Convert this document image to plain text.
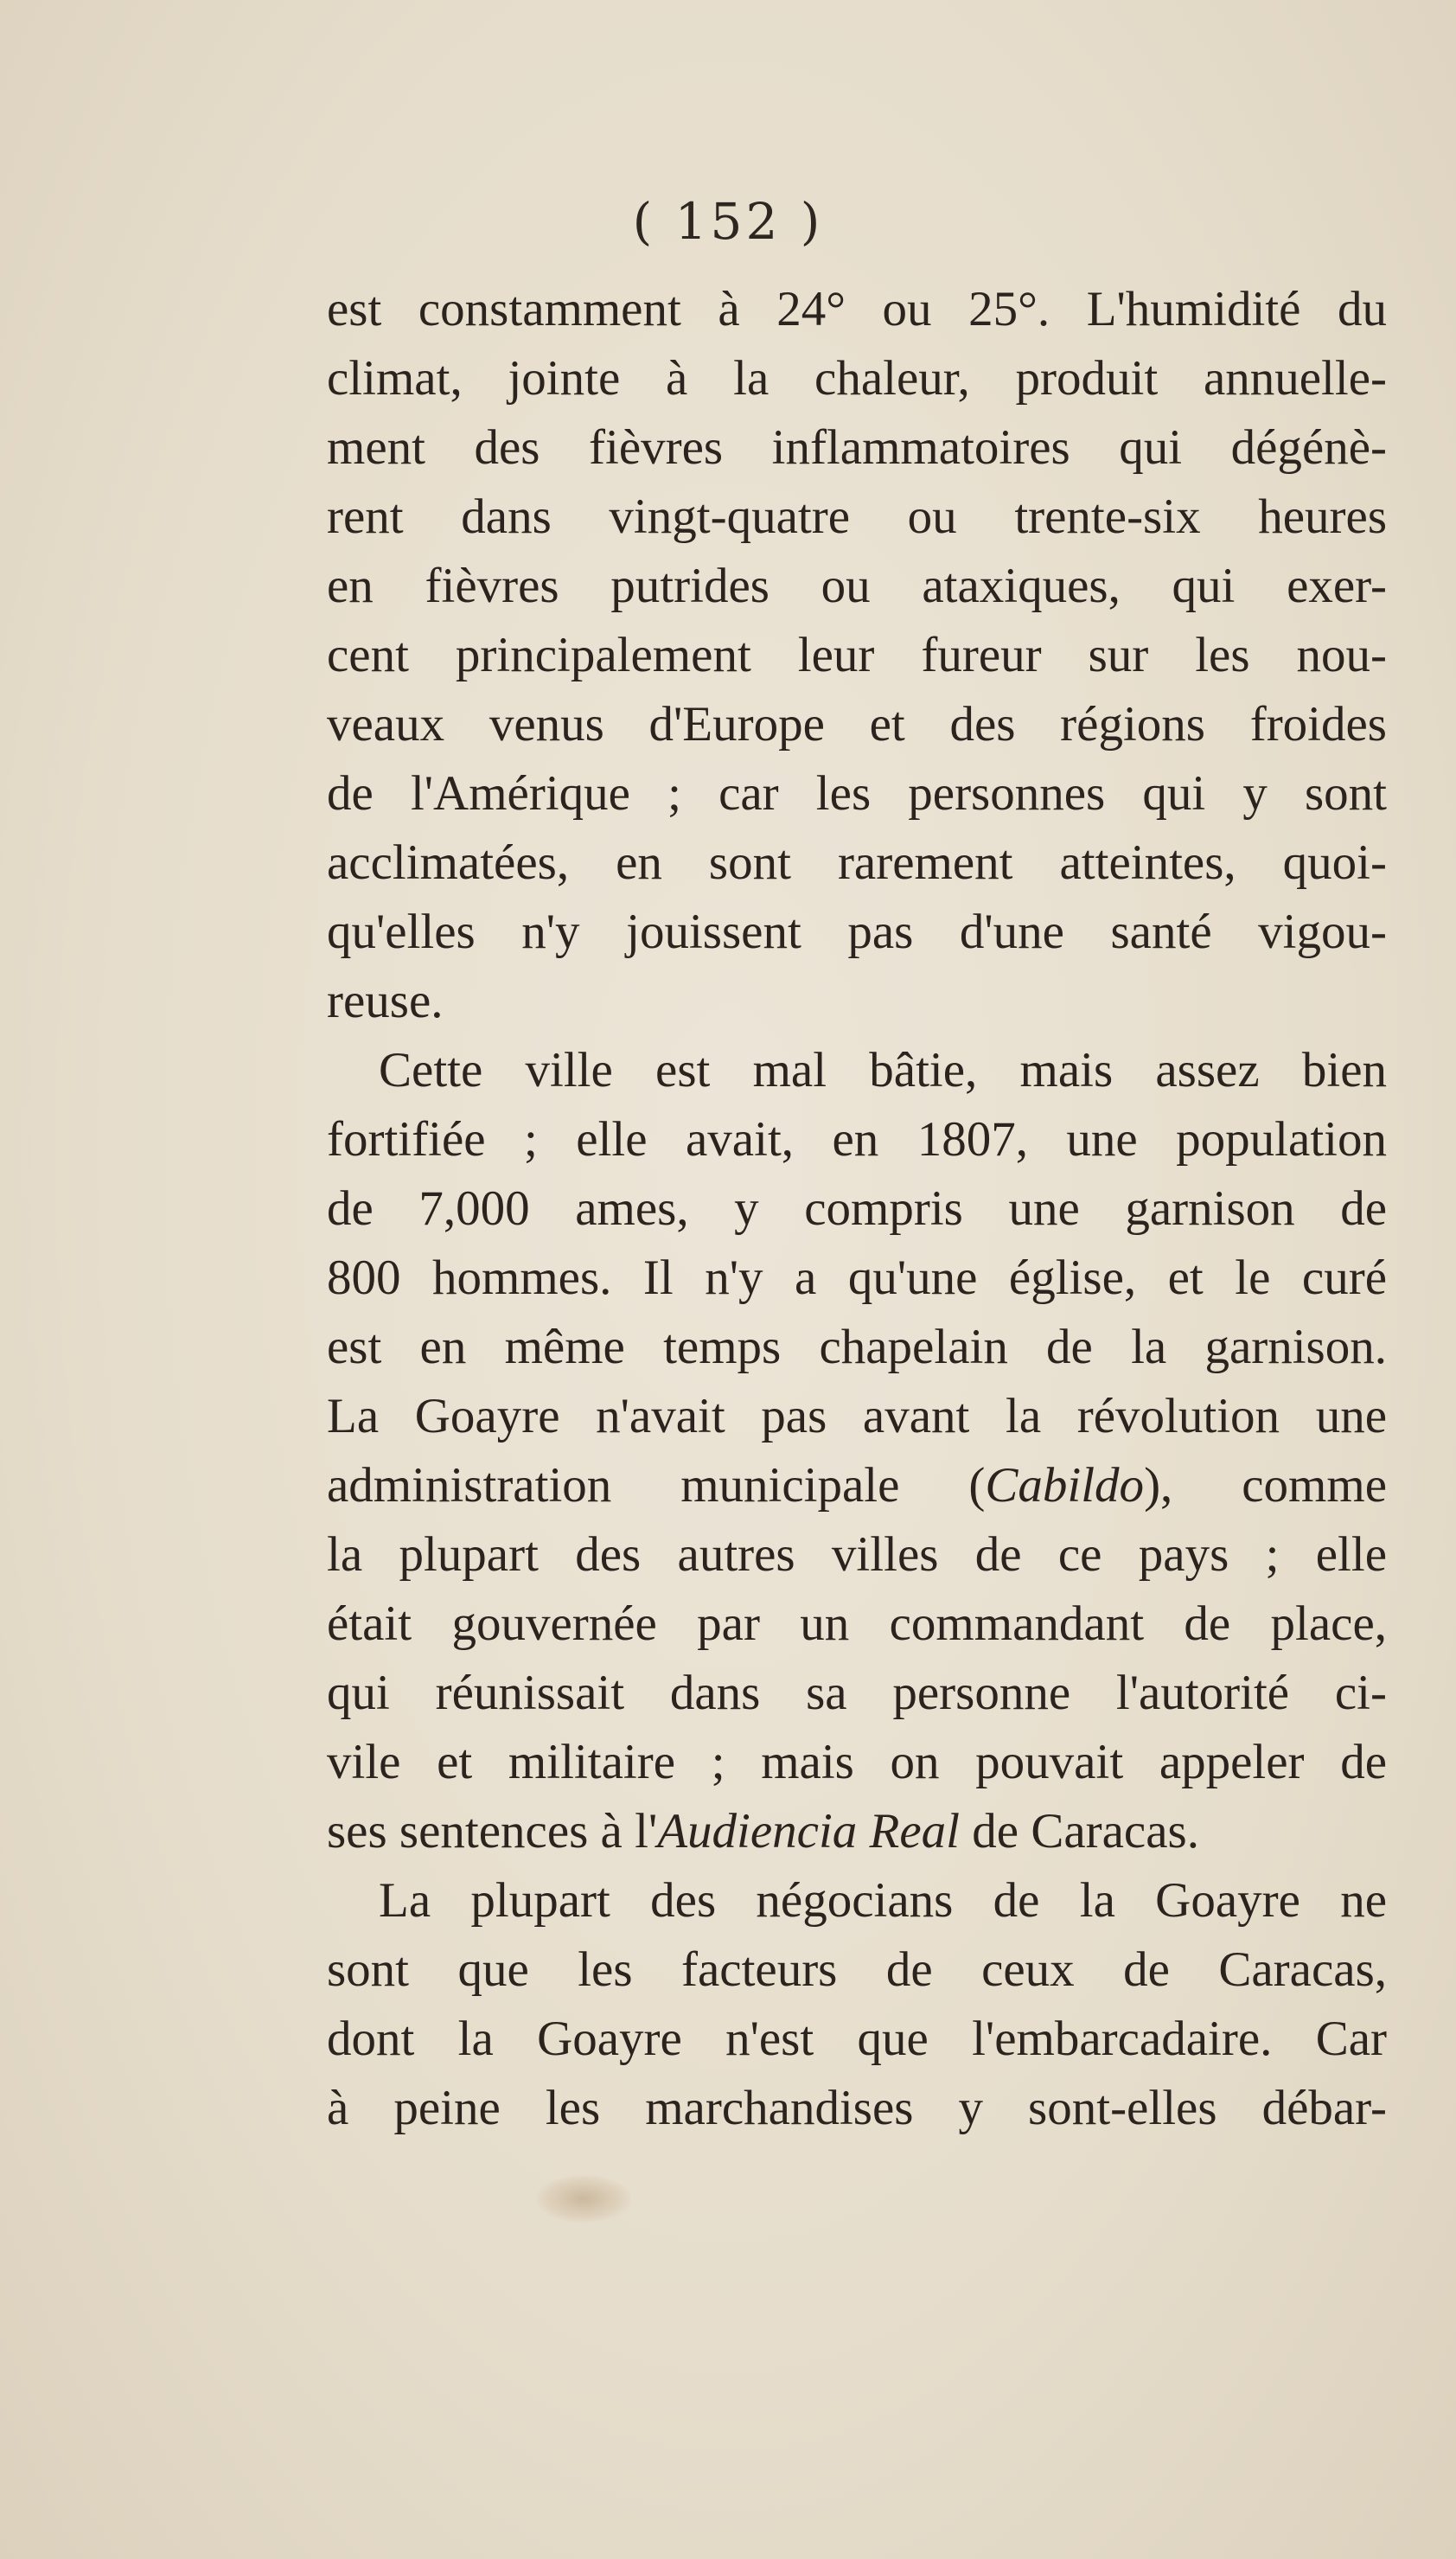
( 152 )
est constamment à 24° ou 25°. L'humidité du
climat, jointe à la chaleur, produit annuelle-
ment des fièvres inflammatoires qui dégénè-
rent dans vingt-quatre ou trente-six heures
en fièvres putrides ou ataxiques, qui exer-
cent principalement leur fureur sur les nou-
veaux venus d'Europe et des régions froides
de l'Amérique ; car les personnes qui y sont
acclimatées, en sont rarement atteintes, quoi-
qu'elles n'y jouissent pas d'une santé vigou-
reuse.
Cette ville est mal bâtie, mais assez bien
fortifiée ; elle avait, en 1807, une population
de 7,000 ames, y compris une garnison de
800 hommes. Il n'y a qu'une église, et le curé
est en même temps chapelain de la garnison.
La Goayre n'avait pas avant la révolution une
administration municipale (Cabildo), comme
la plupart des autres villes de ce pays ; elle
était gouvernée par un commandant de place,
qui réunissait dans sa personne l'autorité ci-
vile et militaire ; mais on pouvait appeler de
ses sentences à l'Audiencia Real de Caracas.
La plupart des négocians de la Goayre ne
sont que les facteurs de ceux de Caracas,
dont la Goayre n'est que l'embarcadaire. Car
à peine les marchandises y sont-elles débar-
